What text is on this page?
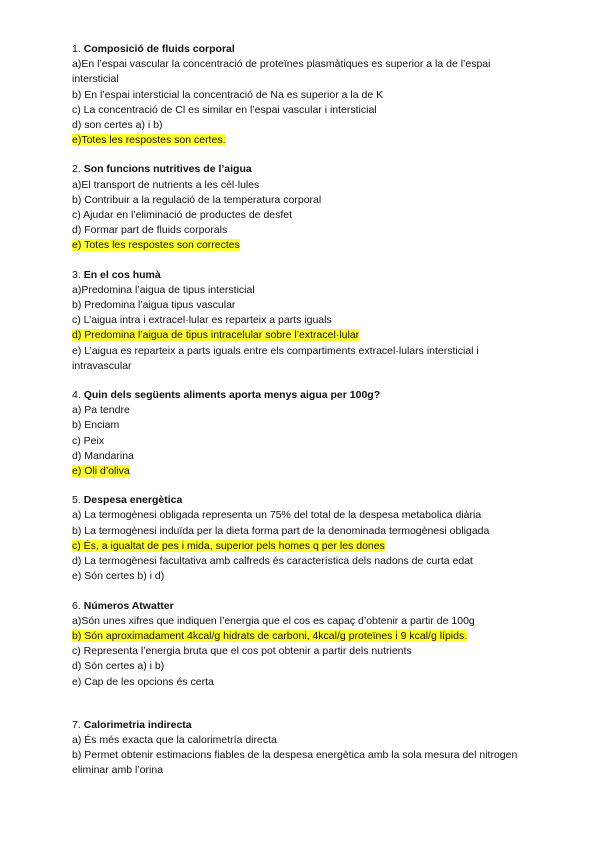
1. Composició de fluids corporal

a)En l’espai vascular la concentració de proteïnes plasmàtiques es superior a la de l’espai intersticial

b) En l’espai intersticial la concentració de Na es superior a la de K

c) La concentració de Cl es similar en l’espai vascular i intersticial

d) son certes a) i b)

e)Totes les respostes son certes.

2. Son funcions nutritives de l’aigua

a)El transport de nutrients a les cèl·lules

b) Contribuir a la regulació de la temperatura corporal

c) Ajudar en l’eliminació de productes de desfet

d) Formar part de fluids corporals

e) Totes les respostes son correctes

3. En el cos humà

a)Predomina l’aigua de tipus intersticial

b) Predomina l’aigua tipus vascular

c) L’aigua intra i extracel·lular es reparteix a parts iguals

d) Predomina l’aigua de tipus intracelular sobre l’extracel·lular

e) L’aigua es reparteix a parts iguals entre els compartiments extracel·lulars intersticial i intravascular

4. Quin dels següents aliments aporta menys aigua per 100g?

a) Pa tendre

b) Enciam

c) Peix

d) Mandarina

e) Oli d’oliva

5. Despesa energètica

a) La termogènesi obligada representa un 75% del total de la despesa metabolica diària

b) La termogènesi induïda per la dieta forma part de la denominada termogènesi obligada

c) És, a igualtat de pes i mida, superior pels homes q per les dones

d) La termogènesi facultativa amb calfreds és característica dels nadons de curta edat

e) Són certes b) i d)

6. Números Atwatter

a)Són unes xifres que indiquen l’energia que el cos es capaç d’obtenir a partir de 100g

b) Són aproximadament 4kcal/g hidrats de carboni, 4kcal/g proteïnes i 9 kcal/g lípids.

c) Representa l’energia bruta que el cos pot obtenir a partir dels nutrients

d) Són certes a) i b)

e) Cap de les opcions és certa

7. Calorimetria indirecta

a) És més exacta que la calorimetría directa

b) Permet obtenir estimacions fiables de la despesa energètica amb la sola mesura del nitrogen eliminar amb l’orina
